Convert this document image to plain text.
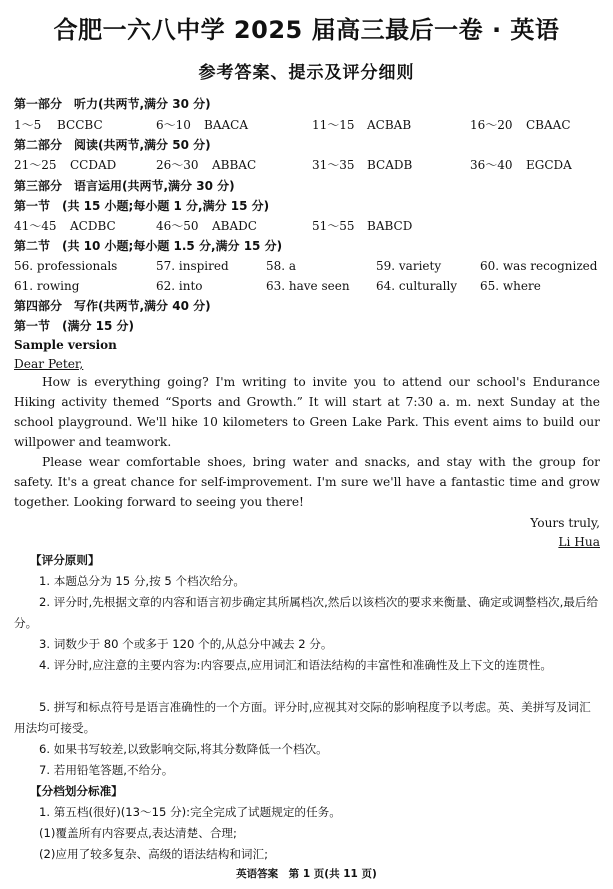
合肥一六八中学 2025 届高三最后一卷 · 英语
参考答案、提示及评分细则
第一部分　听力(共两节,满分 30 分)
1～5 BCCBC	6～10 BAACA	11～15 ACBAB	16～20 CBAAC
第二部分　阅读(共两节,满分 50 分)
21～25 CCDAD	26～30 ABBAC	31～35 BCADB	36～40 EGCDA
第三部分　语言运用(共两节,满分 30 分)
第一节　(共 15 小题;每小题 1 分,满分 15 分)
41～45 ACDBC	46～50 ABADC	51～55 BABCD
第二节　(共 10 小题;每小题 1.5 分,满分 15 分)
56. professionals	57. inspired	58. a	59. variety	60. was recognized
61. rowing	62. into	63. have seen 64. culturally 65. where
第四部分　写作(共两节,满分 40 分)
第一节　(满分 15 分)
Sample version
Dear Peter,
How is everything going? I'm writing to invite you to attend our school's Endurance Hiking activity themed “Sports and Growth.” It will start at 7:30 a. m. next Sunday at the school playground. We'll hike 10 kilometers to Green Lake Park. This event aims to build our willpower and teamwork.
Please wear comfortable shoes, bring water and snacks, and stay with the group for safety. It's a great chance for self-improvement. I'm sure we'll have a fantastic time and grow together. Looking forward to seeing you there!
Yours truly,
Li Hua
【评分原则】
1. 本题总分为 15 分,按 5 个档次给分。
2. 评分时,先根据文章的内容和语言初步确定其所属档次,然后以该档次的要求来衡量、确定或调整档次,最后给分。
3. 词数少于 80 个或多于 120 个的,从总分中减去 2 分。
4. 评分时,应注意的主要内容为:内容要点,应用词汇和语法结构的丰富性和准确性及上下文的连贯性。
5. 拼写和标点符号是语言准确性的一个方面。评分时,应视其对交际的影响程度予以考虑。英、美拼写及词汇用法均可接受。
6. 如果书写较差,以致影响交际,将其分数降低一个档次。
7. 若用铅笔答题,不给分。
【分档划分标准】
1. 第五档(很好)(13～15 分):完全完成了试题规定的任务。
(1)覆盖所有内容要点,表达清楚、合理;
(2)应用了较多复杂、高级的语法结构和词汇;
英语答案　第 1 页(共 11 页)
